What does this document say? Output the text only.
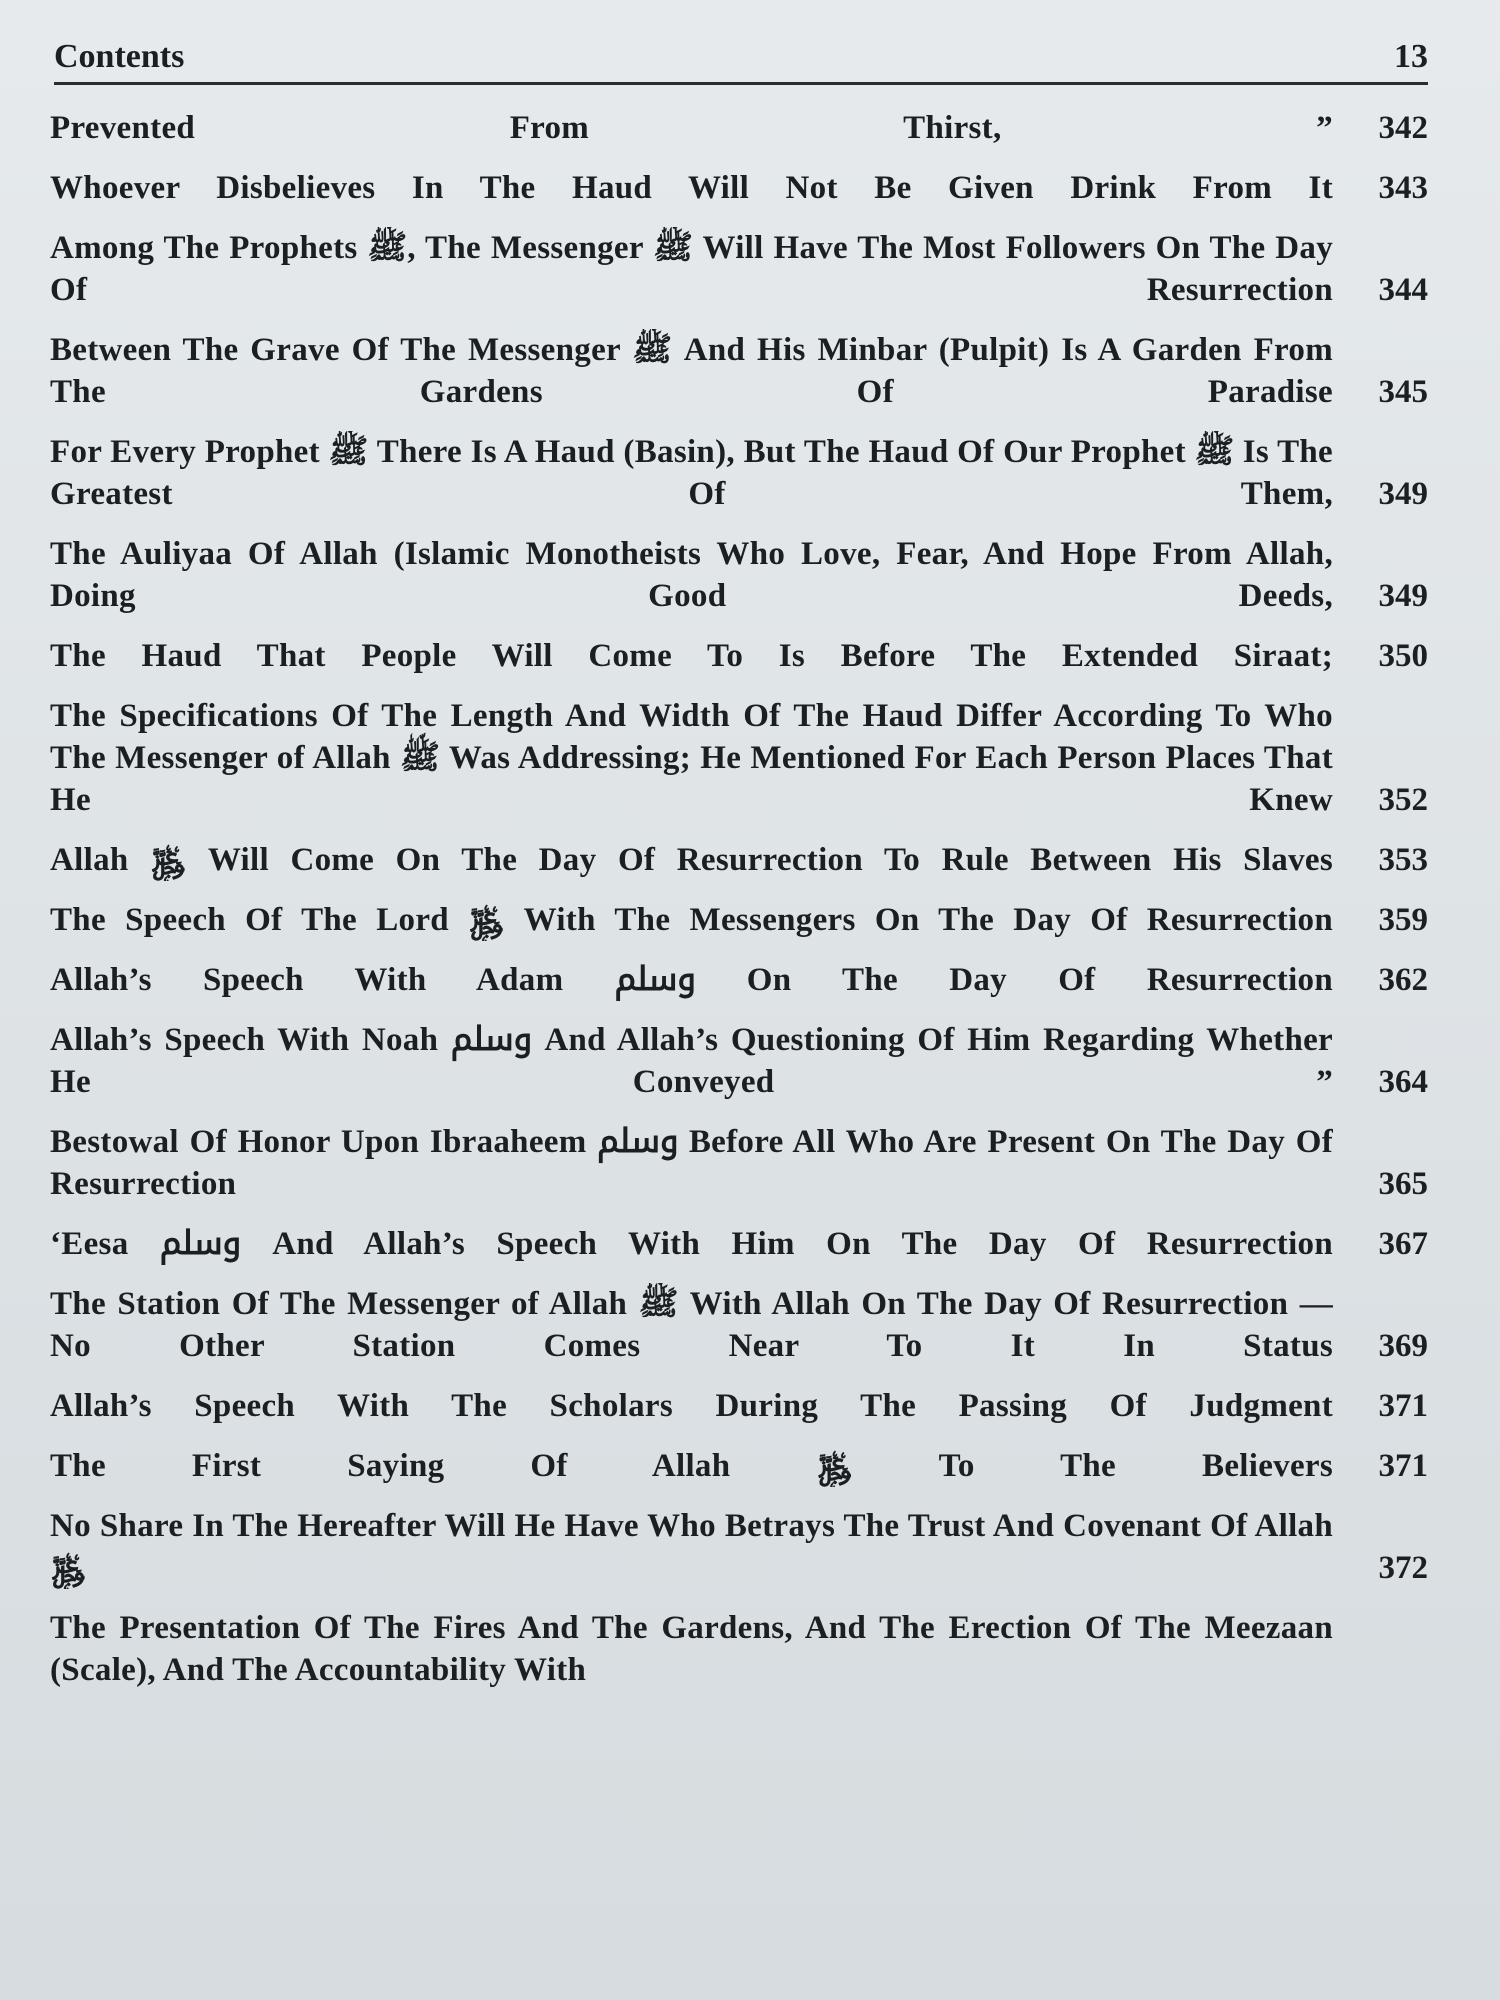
Contents	13
Prevented From Thirst, ”	342
Whoever Disbelieves In The Haud Will Not Be Given Drink From It	343
Among The Prophets ﷺ, The Messenger ﷺ Will Have The Most Followers On The Day Of Resurrection	344
Between The Grave Of The Messenger ﷺ And His Minbar (Pulpit) Is A Garden From The Gardens Of Paradise	345
For Every Prophet ﷺ There Is A Haud (Basin), But The Haud Of Our Prophet ﷺ Is The Greatest Of Them,	349
The Auliyaa Of Allah (Islamic Monotheists Who Love, Fear, And Hope From Allah, Doing Good Deeds,	349
The Haud That People Will Come To Is Before The Extended Siraat;	350
The Specifications Of The Length And Width Of The Haud Differ According To Who The Messenger of Allah ﷺ Was Addressing; He Mentioned For Each Person Places That He Knew	352
Allah ﷿ Will Come On The Day Of Resurrection To Rule Between His Slaves	353
The Speech Of The Lord ﷿ With The Messengers On The Day Of Resurrection	359
Allah’s Speech With Adam ﷸ On The Day Of Resurrection	362
Allah’s Speech With Noah ﷸ And Allah’s Questioning Of Him Regarding Whether He Conveyed ”	364
Bestowal Of Honor Upon Ibraaheem ﷸ Before All Who Are Present On The Day Of Resurrection	365
‘Eesa ﷸ And Allah’s Speech With Him On The Day Of Resurrection	367
The Station Of The Messenger of Allah ﷺ With Allah On The Day Of Resurrection — No Other Station Comes Near To It In Status	369
Allah’s Speech With The Scholars During The Passing Of Judgment	371
The First Saying Of Allah ﷿ To The Believers	371
No Share In The Hereafter Will He Have Who Betrays The Trust And Covenant Of Allah ﷿	372
The Presentation Of The Fires And The Gardens, And The Erection Of The Meezaan (Scale), And The Accountability With
